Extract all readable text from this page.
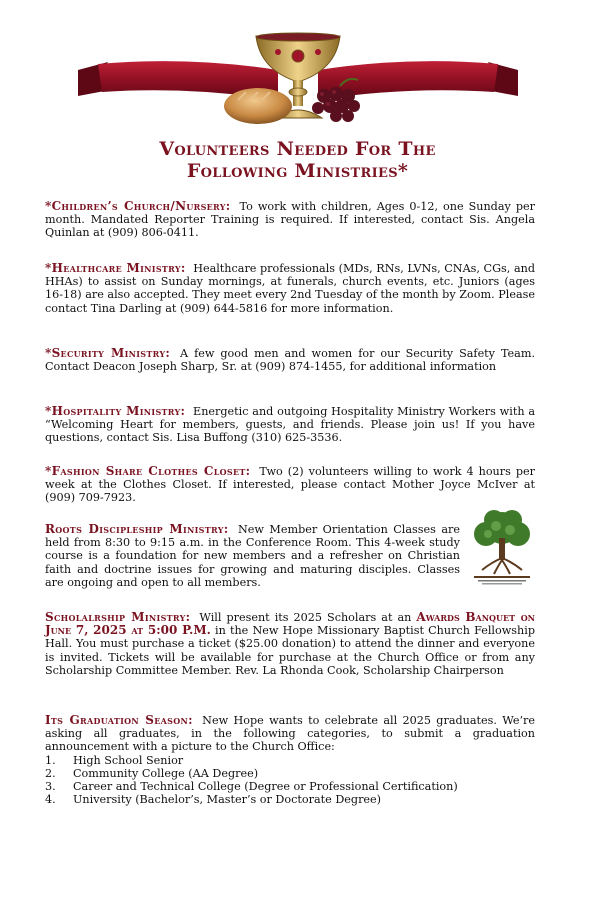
Volunteers Needed For The
Following Ministries*
*Children’s Church/Nursery: To work with children, Ages 0-12, one Sunday per month. Mandated Reporter Training is required. If interested, contact Sis. Angela Quinlan at (909) 806-0411.
*Healthcare Ministry: Healthcare professionals (MDs, RNs, LVNs, CNAs, CGs, and HHAs) to assist on Sunday mornings, at funerals, church events, etc. Juniors (ages 16-18) are also accepted. They meet every 2nd Tuesday of the month by Zoom. Please contact Tina Darling at (909) 644-5816 for more information.
*Security Ministry: A few good men and women for our Security Safety Team. Contact Deacon Joseph Sharp, Sr. at (909) 874-1455, for additional information
*Hospitality Ministry: Energetic and outgoing Hospitality Ministry Workers with a “Welcoming Heart for members, guests, and friends. Please join us! If you have questions, contact Sis. Lisa Buffong (310) 625-3536.
*Fashion Share Clothes Closet: Two (2) volunteers willing to work 4 hours per week at the Clothes Closet. If interested, please contact Mother Joyce McIver at (909) 709-7923.
Roots Discipleship Ministry: New Member Orientation Classes are held from 8:30 to 9:15 a.m. in the Conference Room. This 4-week study course is a foundation for new members and a refresher on Christian faith and doctrine issues for growing and maturing disciples. Classes are ongoing and open to all members.
Scholalrship Ministry: Will present its 2025 Scholars at an Awards Banquet on June 7, 2025 at 5:00 P.M. in the New Hope Missionary Baptist Church Fellowship Hall. You must purchase a ticket ($25.00 donation) to attend the dinner and everyone is invited. Tickets will be available for purchase at the Church Office or from any Scholarship Committee Member. Rev. La Rhonda Cook, Scholarship Chairperson
Its Graduation Season: New Hope wants to celebrate all 2025 graduates. We’re asking all graduates, in the following categories, to submit a graduation announcement with a picture to the Church Office:
1.	High School Senior
2.	Community College (AA Degree)
3.	Career and Technical College (Degree or Professional Certification)
4.	University (Bachelor’s, Master’s or Doctorate Degree)
